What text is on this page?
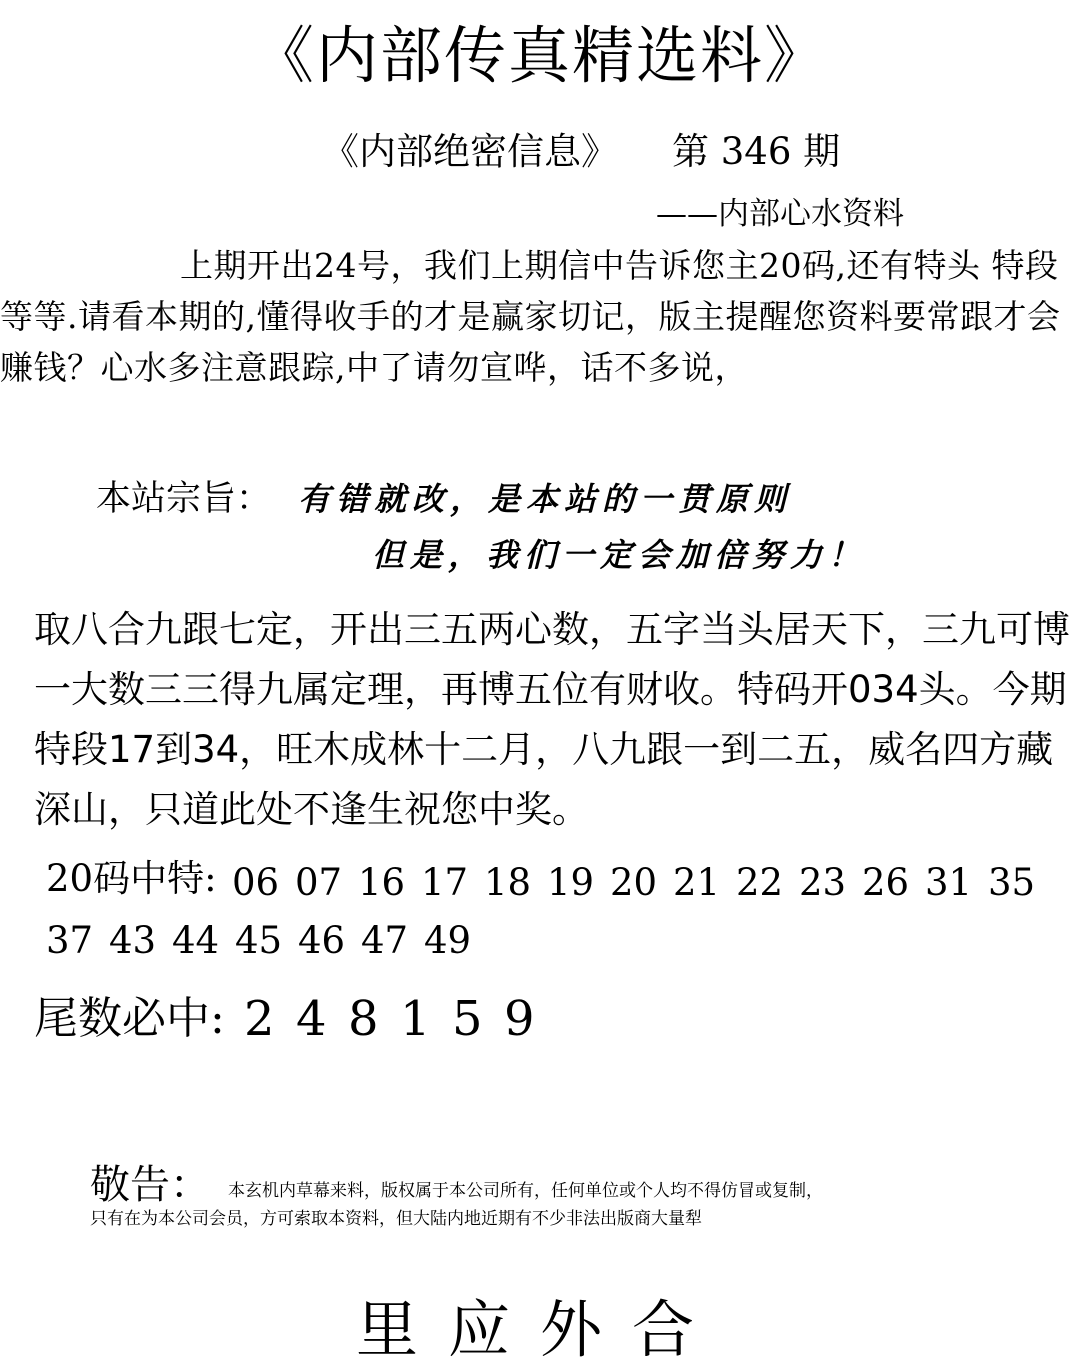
《内部传真精选料》
《内部绝密信息》 第 346 期
——内部心水资料
上期开出24号，我们上期信中告诉您主20码,还有特头 特段 等等.请看本期的,懂得收手的才是赢家切记，版主提醒您资料要常跟才会赚钱？心水多注意跟踪,中了请勿宣哗，话不多说，
本站宗旨： 有错就改，是本站的一贯原则
但是，我们一定会加倍努力！
取八合九跟七定，开出三五两心数，五字当头居天下，三九可博一大数三三得九属定理，再博五位有财收。特码开034头。今期特段17到34，旺木成林十二月，八九跟一到二五，威名四方藏深山，只道此处不逢生祝您中奖。
20码中特: 06 07 16 17 18 19 20 21 22 23 26 31 35
37 43 44 45 46 47 49
尾数必中: 2 4 8 1 5 9
敬告： 本玄机内草幕来料，版权属于本公司所有，任何单位或个人均不得仿冒或复制，
只有在为本公司会员，方可索取本资料，但大陆内地近期有不少非法出版商大量犁
里应外合
